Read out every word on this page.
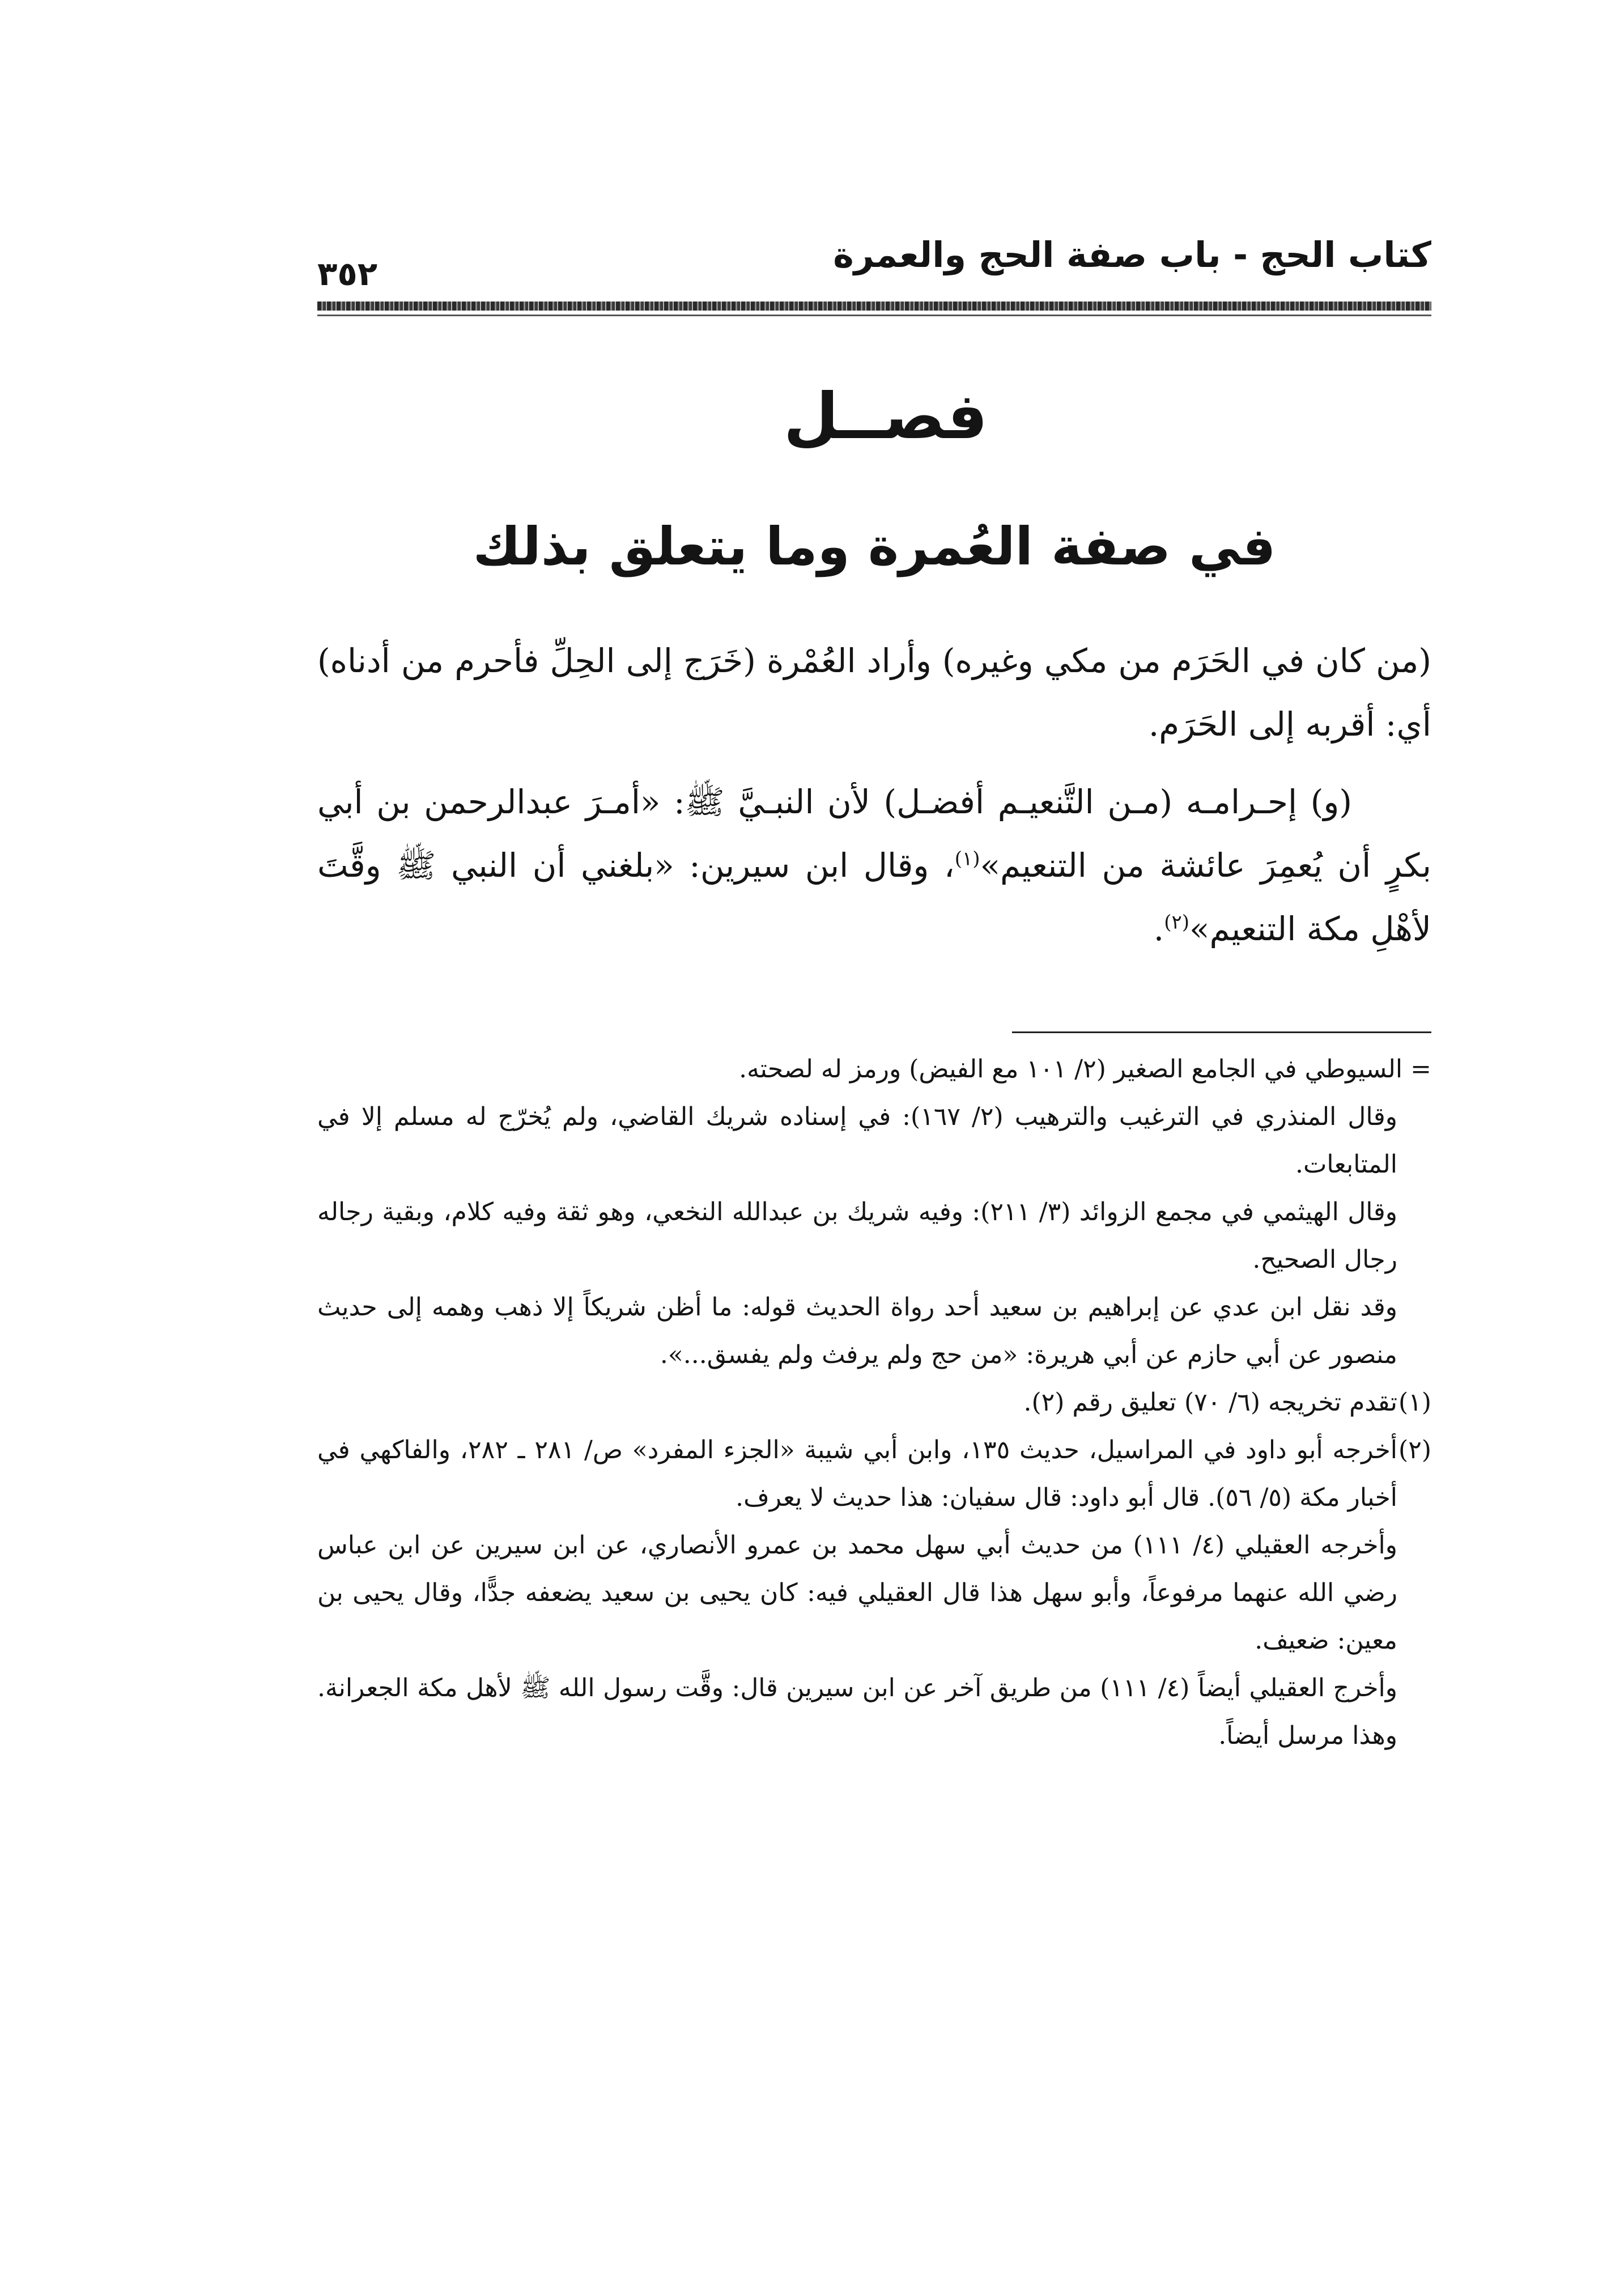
كتاب الحج - باب صفة الحج والعمرة
٣٥٢
فصــل
في صفة العُمرة وما يتعلق بذلك

(من كان في الحَرَم من مكي وغيره) وأراد العُمْرة (خَرَج إلى الحِلِّ فأحرم من أدناه) أي: أقربه إلى الحَرَم.

(و) إحـرامـه (مـن التَّنعيـم أفضـل) لأن النبـيَّ ﷺ: «أمـرَ عبدالرحمن بن أبي بكرٍ أن يُعمِرَ عائشة من التنعيم»$^{(١)}$، وقال ابن سيرين: «بلغني أن النبي ﷺ وقَّتَ لأهْلِ مكة التنعيم»$^{(٢)}$.

= السيوطي في الجامع الصغير (٢/ ١٠١ مع الفيض) ورمز له لصحته.

وقال المنذري في الترغيب والترهيب (٢/ ١٦٧): في إسناده شريك القاضي، ولم يُخرّج له مسلم إلا في المتابعات.

وقال الهيثمي في مجمع الزوائد (٣/ ٢١١): وفيه شريك بن عبدالله النخعي، وهو ثقة وفيه كلام، وبقية رجاله رجال الصحيح.

وقد نقل ابن عدي عن إبراهيم بن سعيد أحد رواة الحديث قوله: ما أظن شريكاً إلا ذهب وهمه إلى حديث منصور عن أبي حازم عن أبي هريرة: «من حج ولم يرفث ولم يفسق...».

(١)تقدم تخريجه (٦/ ٧٠) تعليق رقم (٢).

(٢)أخرجه أبو داود في المراسيل، حديث ١٣٥، وابن أبي شيبة «الجزء المفرد» ص/ ٢٨١ ـ ٢٨٢، والفاكهي في أخبار مكة (٥/ ٥٦). قال أبو داود: قال سفيان: هذا حديث لا يعرف.

وأخرجه العقيلي (٤/ ١١١) من حديث أبي سهل محمد بن عمرو الأنصاري، عن ابن سيرين عن ابن عباس رضي الله عنهما مرفوعاً، وأبو سهل هذا قال العقيلي فيه: كان يحيى بن سعيد يضعفه جدًّا، وقال يحيى بن معين: ضعيف.

وأخرج العقيلي أيضاً (٤/ ١١١) من طريق آخر عن ابن سيرين قال: وقَّت رسول الله ﷺ لأهل مكة الجعرانة. وهذا مرسل أيضاً.
